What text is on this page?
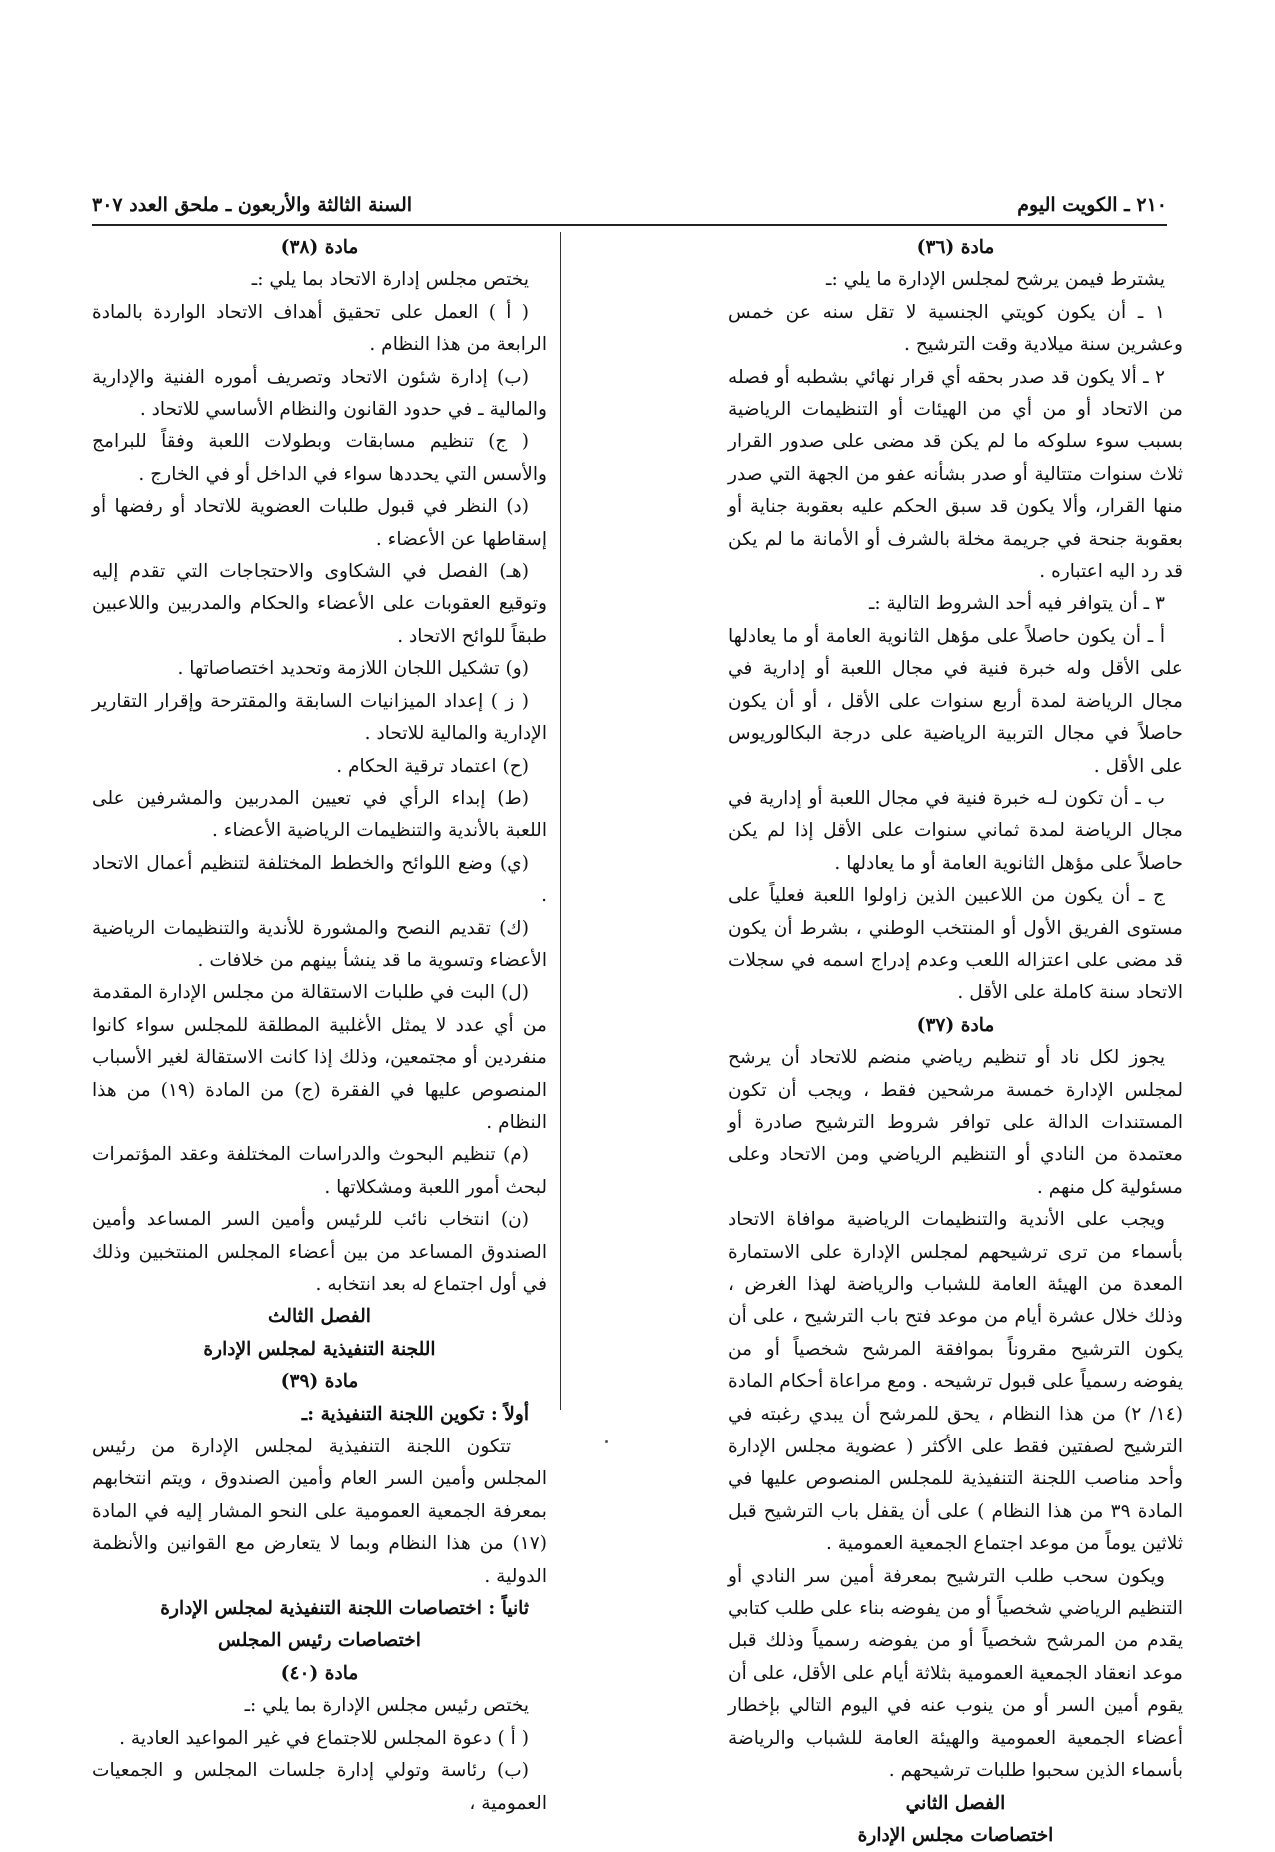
٢١٠ ـ الكويت اليوم
السنة الثالثة والأربعون ـ ملحق العدد ٣٠٧

مادة (٣٦)

يشترط فيمن يرشح لمجلس الإدارة ما يلي :ـ

١ ـ أن يكون كويتي الجنسية لا تقل سنه عن خمس وعشرين سنة ميلادية وقت الترشيح .

٢ ـ ألا يكون قد صدر بحقه أي قرار نهائي بشطبه أو فصله من الاتحاد أو من أي من الهيئات أو التنظيمات الرياضية بسبب سوء سلوكه ما لم يكن قد مضى على صدور القرار ثلاث سنوات متتالية أو صدر بشأنه عفو من الجهة التي صدر منها القرار، وألا يكون قد سبق الحكم عليه بعقوبة جناية أو بعقوبة جنحة في جريمة مخلة بالشرف أو الأمانة ما لم يكن قد رد اليه اعتباره .

٣ ـ أن يتوافر فيه أحد الشروط التالية :ـ

أ ـ أن يكون حاصلاً على مؤهل الثانوية العامة أو ما يعادلها على الأقل وله خبرة فنية في مجال اللعبة أو إدارية في مجال الرياضة لمدة أربع سنوات على الأقل ، أو أن يكون حاصلاً في مجال التربية الرياضية على درجة البكالوريوس على الأقل .

ب ـ أن تكون لـه خبرة فنية في مجال اللعبة أو إدارية في مجال الرياضة لمدة ثماني سنوات على الأقل إذا لم يكن حاصلاً على مؤهل الثانوية العامة أو ما يعادلها .

ج ـ أن يكون من اللاعبين الذين زاولوا اللعبة فعلياً على مستوى الفريق الأول أو المنتخب الوطني ، بشرط أن يكون قد مضى على اعتزاله اللعب وعدم إدراج اسمه في سجلات الاتحاد سنة كاملة على الأقل .

مادة (٣٧)

يجوز لكل ناد أو تنظيم رياضي منضم للاتحاد أن يرشح لمجلس الإدارة خمسة مرشحين فقط ، ويجب أن تكون المستندات الدالة على توافر شروط الترشيح صادرة أو معتمدة من النادي أو التنظيم الرياضي ومن الاتحاد وعلى مسئولية كل منهم .

ويجب على الأندية والتنظيمات الرياضية موافاة الاتحاد بأسماء من ترى ترشيحهم لمجلس الإدارة على الاستمارة المعدة من الهيئة العامة للشباب والرياضة لهذا الغرض ، وذلك خلال عشرة أيام من موعد فتح باب الترشيح ، على أن يكون الترشيح مقروناً بموافقة المرشح شخصياً أو من يفوضه رسمياً على قبول ترشيحه . ومع مراعاة أحكام المادة (١٤/ ٢) من هذا النظام ، يحق للمرشح أن يبدي رغبته في الترشيح لصفتين فقط على الأكثر ( عضوية مجلس الإدارة وأحد مناصب اللجنة التنفيذية للمجلس المنصوص عليها في المادة ٣٩ من هذا النظام ) على أن يقفل باب الترشيح قبل ثلاثين يوماً من موعد اجتماع الجمعية العمومية .

ويكون سحب طلب الترشيح بمعرفة أمين سر النادي أو التنظيم الرياضي شخصياً أو من يفوضه بناء على طلب كتابي يقدم من المرشح شخصياً أو من يفوضه رسمياً وذلك قبل موعد انعقاد الجمعية العمومية بثلاثة أيام على الأقل، على أن يقوم أمين السر أو من ينوب عنه في اليوم التالي بإخطار أعضاء الجمعية العمومية والهيئة العامة للشباب والرياضة بأسماء الذين سحبوا طلبات ترشيحهم .

الفصل الثاني

اختصاصات مجلس الإدارة

مادة (٣٨)

يختص مجلس إدارة الاتحاد بما يلي :ـ

( أ ) العمل على تحقيق أهداف الاتحاد الواردة بالمادة الرابعة من هذا النظام .

(ب) إدارة شئون الاتحاد وتصريف أموره الفنية والإدارية والمالية ـ في حدود القانون والنظام الأساسي للاتحاد .

( ج) تنظيم مسابقات وبطولات اللعبة وفقاً للبرامج والأسس التي يحددها سواء في الداخل أو في الخارج .

(د) النظر في قبول طلبات العضوية للاتحاد أو رفضها أو إسقاطها عن الأعضاء .

(هـ) الفصل في الشكاوى والاحتجاجات التي تقدم إليه وتوقيع العقوبات على الأعضاء والحكام والمدربين واللاعبين طبقاً للوائح الاتحاد .

(و) تشكيل اللجان اللازمة وتحديد اختصاصاتها .

( ز ) إعداد الميزانيات السابقة والمقترحة وإقرار التقارير الإدارية والمالية للاتحاد .

(ح) اعتماد ترقية الحكام .

(ط) إبداء الرأي في تعيين المدربين والمشرفين على اللعبة بالأندية والتنظيمات الرياضية الأعضاء .

(ي) وضع اللوائح والخطط المختلفة لتنظيم أعمال الاتحاد .

(ك) تقديم النصح والمشورة للأندية والتنظيمات الرياضية الأعضاء وتسوية ما قد ينشأ بينهم من خلافات .

(ل) البت في طلبات الاستقالة من مجلس الإدارة المقدمة من أي عدد لا يمثل الأغلبية المطلقة للمجلس سواء كانوا منفردين أو مجتمعين، وذلك إذا كانت الاستقالة لغير الأسباب المنصوص عليها في الفقرة (ج) من المادة (١٩) من هذا النظام .

(م) تنظيم البحوث والدراسات المختلفة وعقد المؤتمرات لبحث أمور اللعبة ومشكلاتها .

(ن) انتخاب نائب للرئيس وأمين السر المساعد وأمين الصندوق المساعد من بين أعضاء المجلس المنتخبين وذلك في أول اجتماع له بعد انتخابه .

الفصل الثالث

اللجنة التنفيذية لمجلس الإدارة

مادة (٣٩)

أولاً : تكوين اللجنة التنفيذية :ـ

تتكون اللجنة التنفيذية لمجلس الإدارة من رئيس المجلس وأمين السر العام وأمين الصندوق ، ويتم انتخابهم بمعرفة الجمعية العمومية على النحو المشار إليه في المادة (١٧) من هذا النظام وبما لا يتعارض مع القوانين والأنظمة الدولية .

ثانياً : اختصاصات اللجنة التنفيذية لمجلس الإدارة

اختصاصات رئيس المجلس

مادة (٤٠)

يختص رئيس مجلس الإدارة بما يلي :ـ

( أ ) دعوة المجلس للاجتماع في غير المواعيد العادية .

(ب) رئاسة وتولي إدارة جلسات المجلس و الجمعيات العمومية ،
